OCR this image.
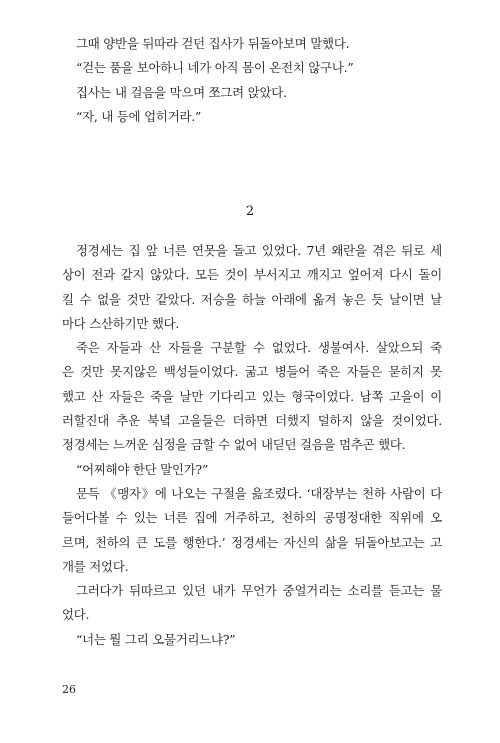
그때 양반을 뒤따라 걷던 집사가 뒤돌아보며 말했다.
“걷는 품을 보아하니 네가 아직 몸이 온전치 않구나.”
집사는 내 걸음을 막으며 쪼그려 앉았다.
“자, 내 등에 업히거라.”
2
정경세는 집 앞 너른 연못을 돌고 있었다. 7년 왜란을 겪은 뒤로 세
상이 전과 같지 않았다. 모든 것이 부서지고 깨지고 엎어져 다시 돌이
킬 수 없을 것만 같았다. 저승을 하늘 아래에 옮겨 놓은 듯 날이면 날
마다 스산하기만 했다.
죽은 자들과 산 자들을 구분할 수 없었다. 생불여사. 살았으되 죽
은 것만 못지않은 백성들이었다. 굶고 병들어 죽은 자들은 묻히지 못
했고 산 자들은 죽을 날만 기다리고 있는 형국이었다. 남쪽 고을이 이
러할진대 추운 북녘 고을들은 더하면 더했지 덜하지 않을 것이었다.
정경세는 느꺼운 심정을 금할 수 없어 내딛던 걸음을 멈추곤 했다.
“어찌해야 한단 말인가?”
문득 《맹자》에 나오는 구절을 읊조렸다. ‘대장부는 천하 사람이 다
들어다볼 수 있는 너른 집에 거주하고, 천하의 공명정대한 직위에 오
르며, 천하의 큰 도를 행한다.’ 정경세는 자신의 삶을 뒤돌아보고는 고
개를 저었다.
그러다가 뒤따르고 있던 내가 무언가 중얼거리는 소리를 듣고는 물
었다.
“너는 뭘 그리 오물거리느냐?”
26
